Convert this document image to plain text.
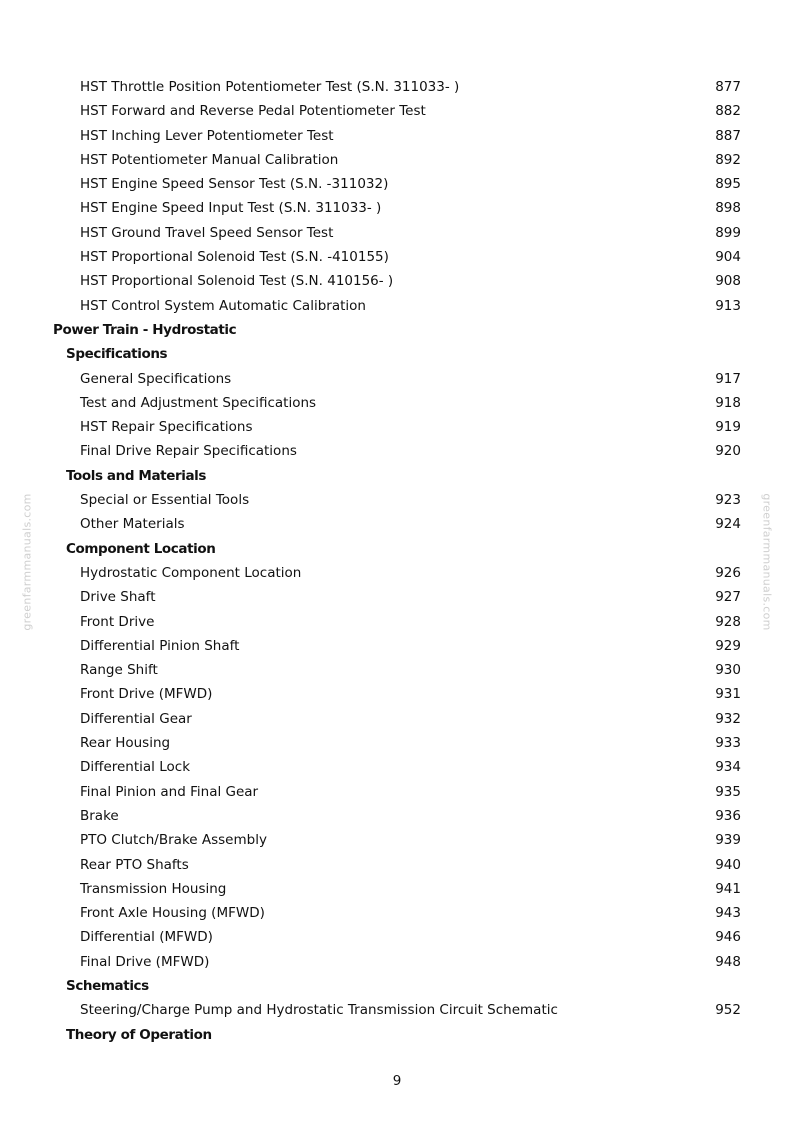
HST Throttle Position Potentiometer Test (S.N. 311033- )	877
HST Forward and Reverse Pedal Potentiometer Test	882
HST Inching Lever Potentiometer Test	887
HST Potentiometer Manual Calibration	892
HST Engine Speed Sensor Test (S.N. -311032)	895
HST Engine Speed Input Test (S.N. 311033- )	898
HST Ground Travel Speed Sensor Test	899
HST Proportional Solenoid Test (S.N. -410155)	904
HST Proportional Solenoid Test (S.N. 410156- )	908
HST Control System Automatic Calibration	913
Power Train - Hydrostatic
Specifications
General Specifications	917
Test and Adjustment Specifications	918
HST Repair Specifications	919
Final Drive Repair Specifications	920
Tools and Materials
Special or Essential Tools	923
Other Materials	924
Component Location
Hydrostatic Component Location	926
Drive Shaft	927
Front Drive	928
Differential Pinion Shaft	929
Range Shift	930
Front Drive (MFWD)	931
Differential Gear	932
Rear Housing	933
Differential Lock	934
Final Pinion and Final Gear	935
Brake	936
PTO Clutch/Brake Assembly	939
Rear PTO Shafts	940
Transmission Housing	941
Front Axle Housing (MFWD)	943
Differential (MFWD)	946
Final Drive (MFWD)	948
Schematics
Steering/Charge Pump and Hydrostatic Transmission Circuit Schematic	952
Theory of Operation
greenfarmmanuals.com	greenfarmmanuals.com
9
